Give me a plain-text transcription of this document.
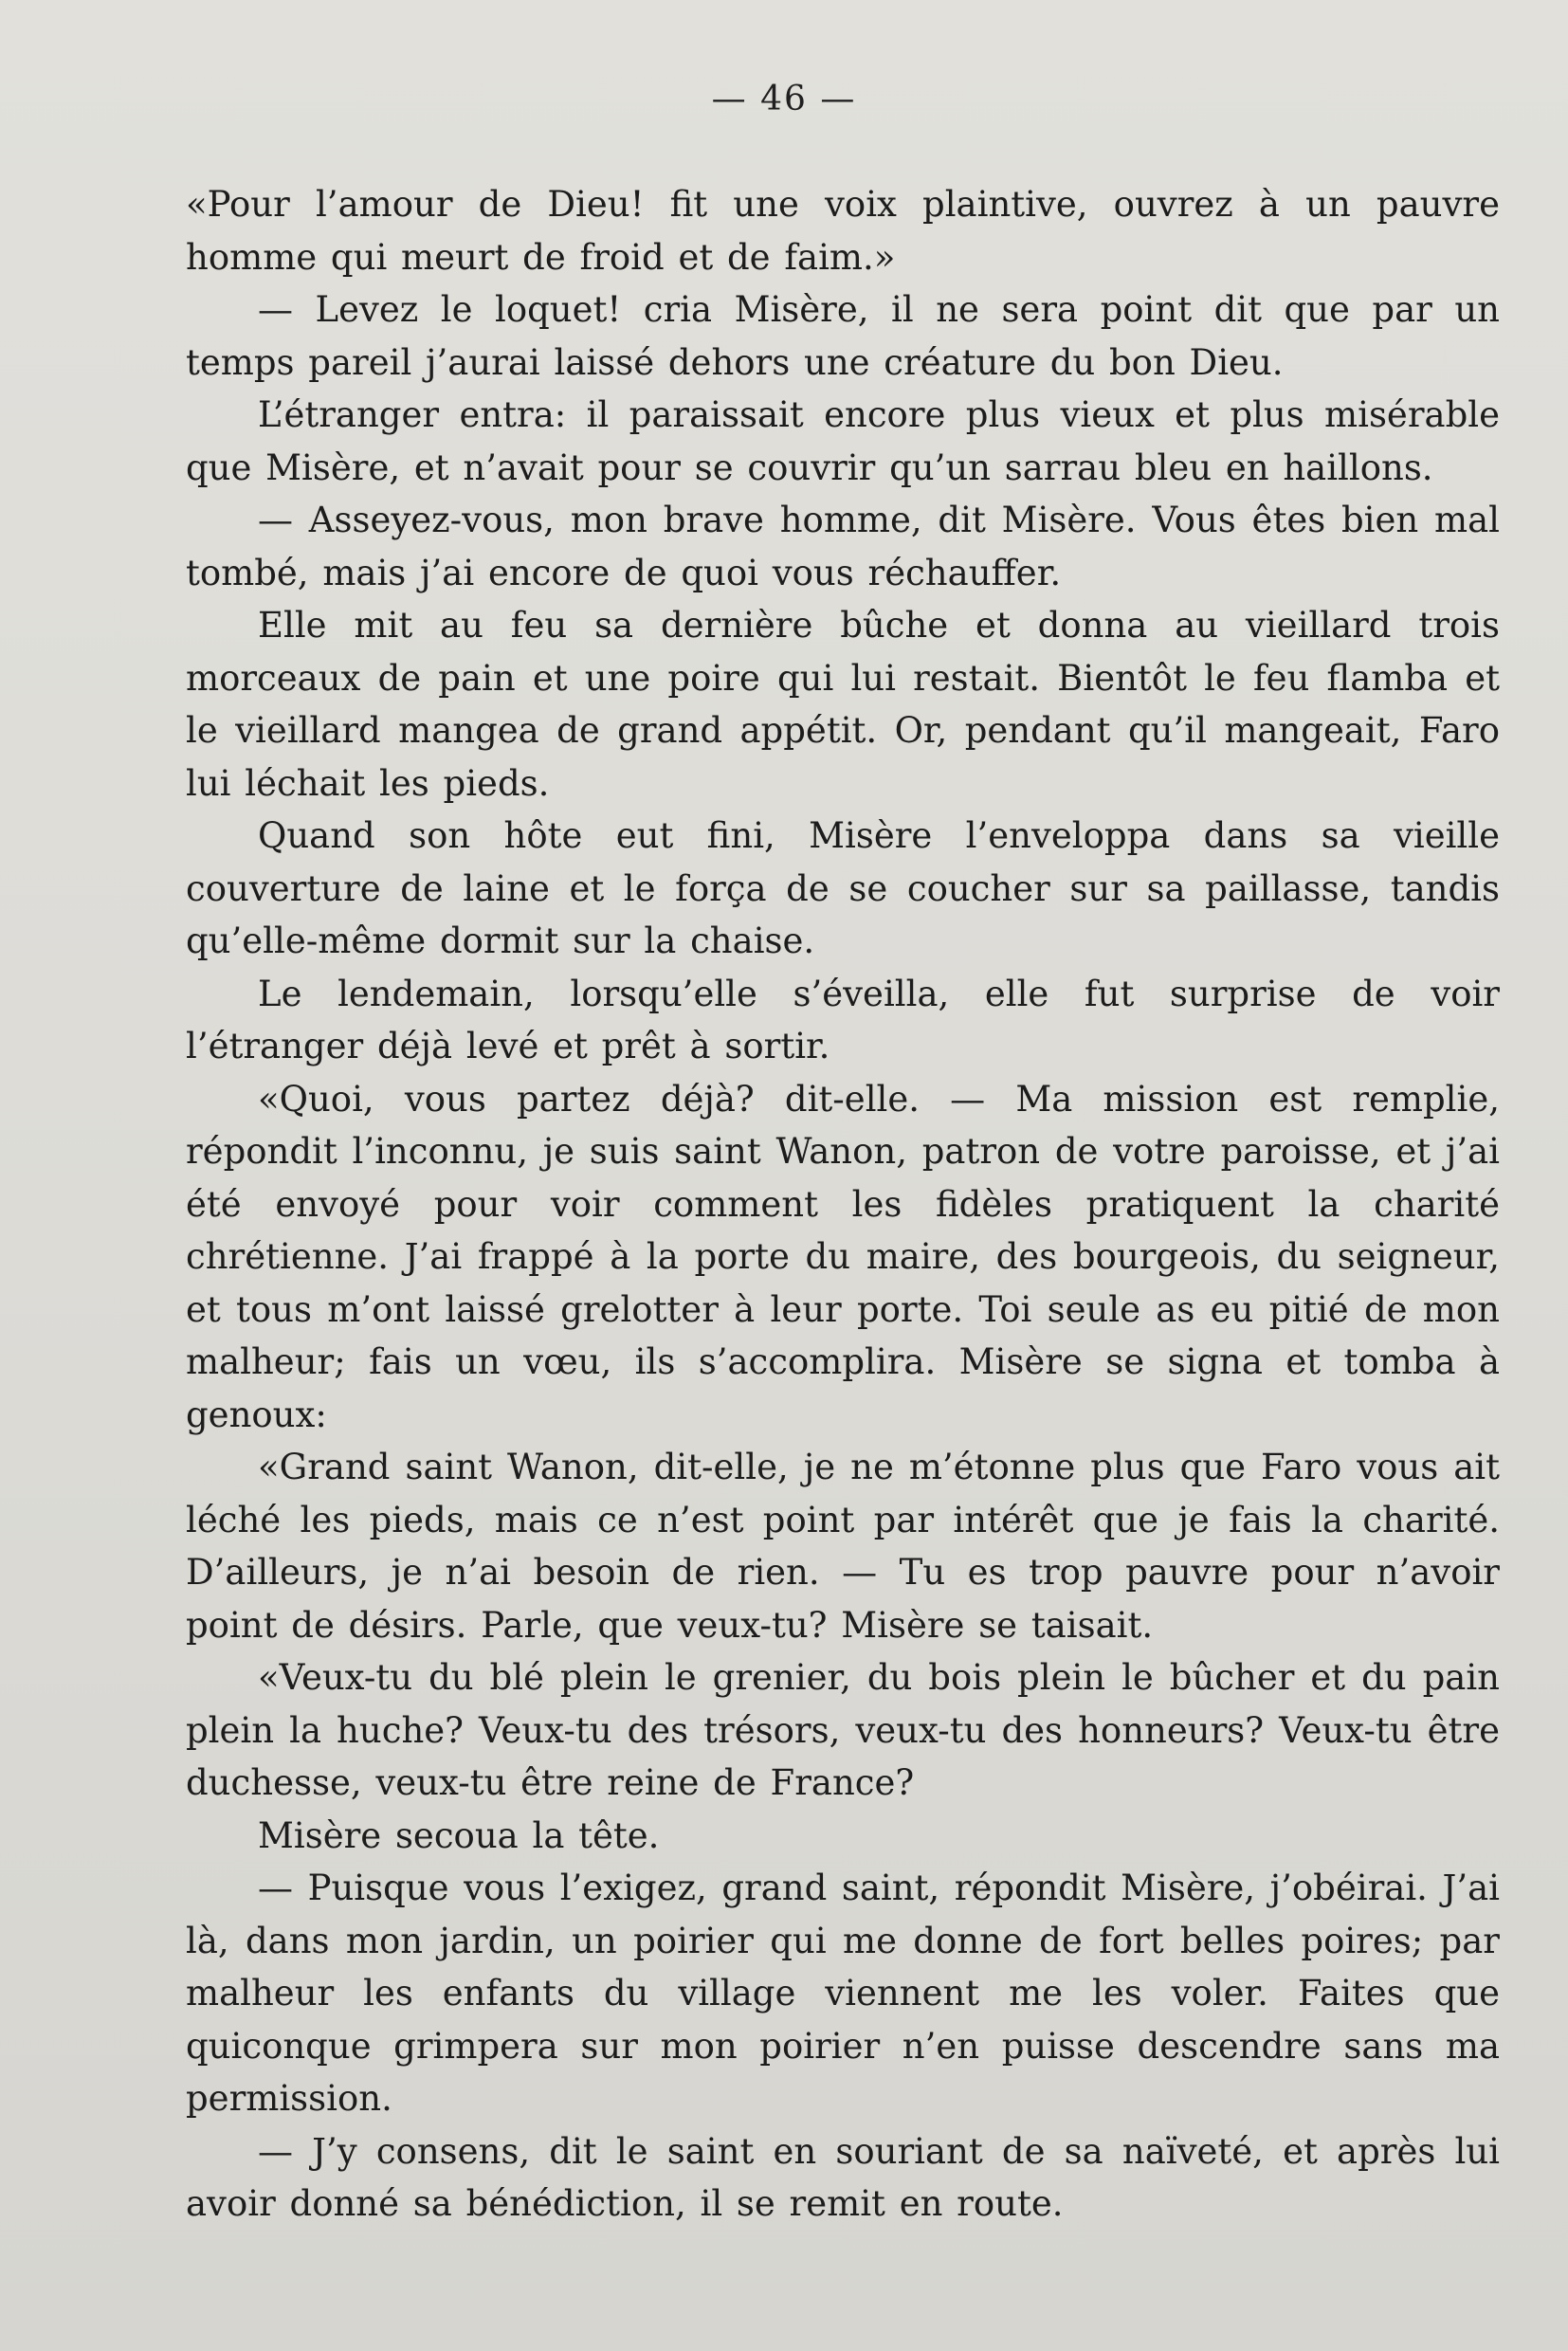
— 46 —

«Pour l’amour de Dieu! fit une voix plaintive, ouvrez à un pauvre homme qui meurt de froid et de faim.»

— Levez le loquet! cria Misère, il ne sera point dit que par un temps pareil j’aurai laissé dehors une créature du bon Dieu.

L’étranger entra: il paraissait encore plus vieux et plus misérable que Misère, et n’avait pour se couvrir qu’un sarrau bleu en haillons.

— Asseyez-vous, mon brave homme, dit Misère. Vous êtes bien mal tombé, mais j’ai encore de quoi vous réchauffer.

Elle mit au feu sa dernière bûche et donna au vieillard trois morceaux de pain et une poire qui lui restait. Bientôt le feu flamba et le vieillard mangea de grand appétit. Or, pendant qu’il mangeait, Faro lui léchait les pieds.

Quand son hôte eut fini, Misère l’enveloppa dans sa vieille couverture de laine et le força de se coucher sur sa paillasse, tandis qu’elle-même dormit sur la chaise.

Le lendemain, lorsqu’elle s’éveilla, elle fut surprise de voir l’étranger déjà levé et prêt à sortir.

«Quoi, vous partez déjà? dit-elle. — Ma mission est remplie, répondit l’inconnu, je suis saint Wanon, patron de votre paroisse, et j’ai été envoyé pour voir comment les fidèles pratiquent la charité chrétienne. J’ai frappé à la porte du maire, des bourgeois, du seigneur, et tous m’ont laissé grelotter à leur porte. Toi seule as eu pitié de mon malheur; fais un vœu, ils s’accomplira. Misère se signa et tomba à genoux:

«Grand saint Wanon, dit-elle, je ne m’étonne plus que Faro vous ait léché les pieds, mais ce n’est point par intérêt que je fais la charité. D’ailleurs, je n’ai besoin de rien. — Tu es trop pauvre pour n’avoir point de désirs. Parle, que veux-tu? Misère se taisait.

«Veux-tu du blé plein le grenier, du bois plein le bûcher et du pain plein la huche? Veux-tu des trésors, veux-tu des honneurs? Veux-tu être duchesse, veux-tu être reine de France?

Misère secoua la tête.

— Puisque vous l’exigez, grand saint, répondit Misère, j’obéirai. J’ai là, dans mon jardin, un poirier qui me donne de fort belles poires; par malheur les enfants du village viennent me les voler. Faites que quiconque grimpera sur mon poirier n’en puisse descendre sans ma permission.

— J’y consens, dit le saint en souriant de sa naïveté, et après lui avoir donné sa bénédiction, il se remit en route.
